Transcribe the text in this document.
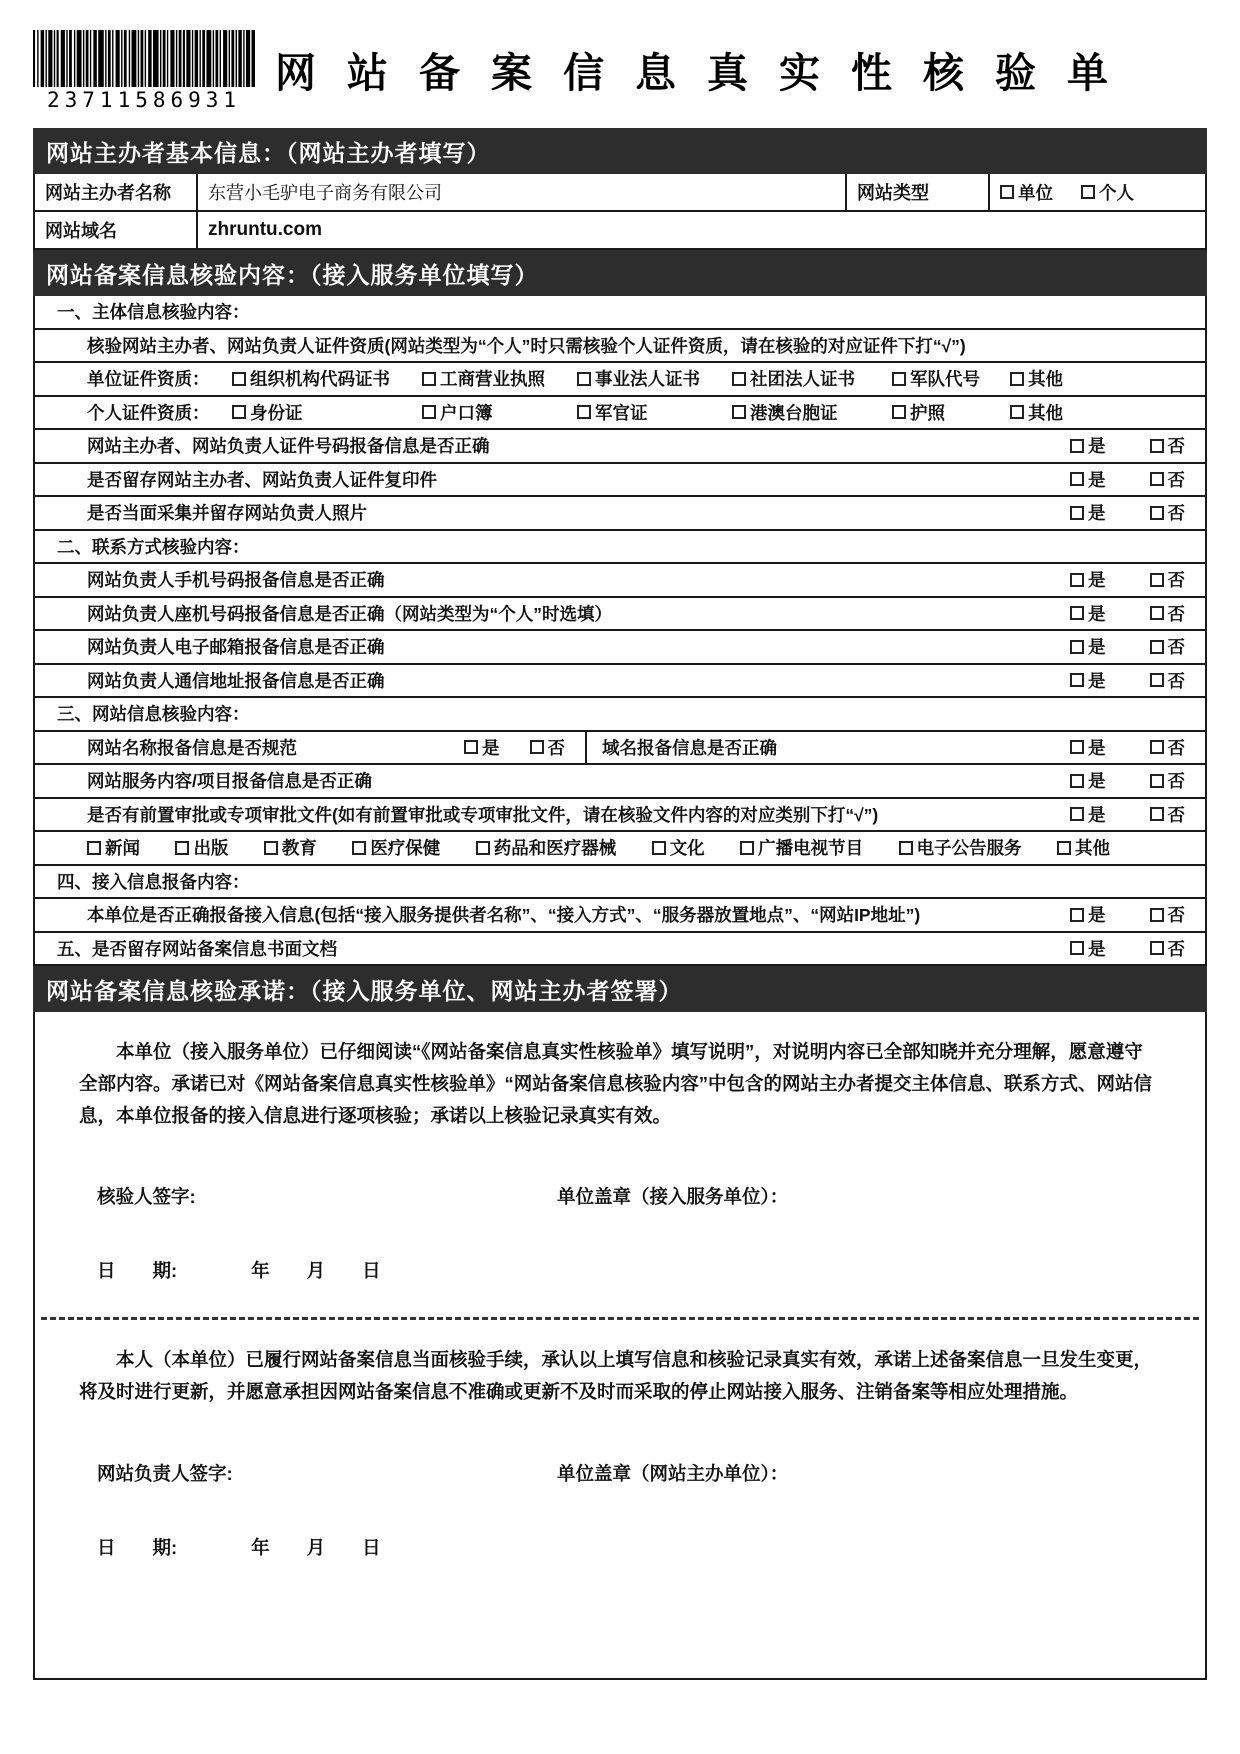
23711586931
网站备案信息真实性核验单
网站主办者基本信息：（网站主办者填写）
网站主办者名称	东营小毛驴电子商务有限公司	网站类型	单位	个人
网站域名	zhruntu.com
网站备案信息核验内容：（接入服务单位填写）
一、主体信息核验内容：
核验网站主办者、网站负责人证件资质(网站类型为“个人”时只需核验个人证件资质，请在核验的对应证件下打“√”)
单位证件资质：	组织机构代码证书	工商营业执照	事业法人证书	社团法人证书	军队代号	其他
个人证件资质：	身份证	户口簿	军官证	港澳台胞证	护照	其他
网站主办者、网站负责人证件号码报备信息是否正确	是	否
是否留存网站主办者、网站负责人证件复印件	是	否
是否当面采集并留存网站负责人照片	是	否
二、联系方式核验内容：
网站负责人手机号码报备信息是否正确	是	否
网站负责人座机号码报备信息是否正确（网站类型为“个人”时选填）	是	否
网站负责人电子邮箱报备信息是否正确	是	否
网站负责人通信地址报备信息是否正确	是	否
三、网站信息核验内容：
网站名称报备信息是否规范	是	否 域名报备信息是否正确	是	否
网站服务内容/项目报备信息是否正确	是	否
是否有前置审批或专项审批文件(如有前置审批或专项审批文件，请在核验文件内容的对应类别下打“√”)	是	否
新闻	出版	教育	医疗保健	药品和医疗器械	文化	广播电视节目	电子公告服务	其他
四、接入信息报备内容：
本单位是否正确报备接入信息(包括“接入服务提供者名称”、“接入方式”、“服务器放置地点”、“网站IP地址”)	是	否
五、是否留存网站备案信息书面文档	是	否
网站备案信息核验承诺：（接入服务单位、网站主办者签署）

本单位（接入服务单位）已仔细阅读“《网站备案信息真实性核验单》填写说明”，对说明内容已全部知晓并充分理解，愿意遵守全部内容。承诺已对《网站备案信息真实性核验单》“网站备案信息核验内容”中包含的网站主办者提交主体信息、联系方式、网站信息，本单位报备的接入信息进行逐项核验；承诺以上核验记录真实有效。

核验人签字:	单位盖章（接入服务单位）：
日　　期:　　　　年　　月　　日

本人（本单位）已履行网站备案信息当面核验手续，承认以上填写信息和核验记录真实有效，承诺上述备案信息一旦发生变更，将及时进行更新，并愿意承担因网站备案信息不准确或更新不及时而采取的停止网站接入服务、注销备案等相应处理措施。

网站负责人签字:	单位盖章（网站主办单位）：
日　　期:　　　　年　　月　　日
